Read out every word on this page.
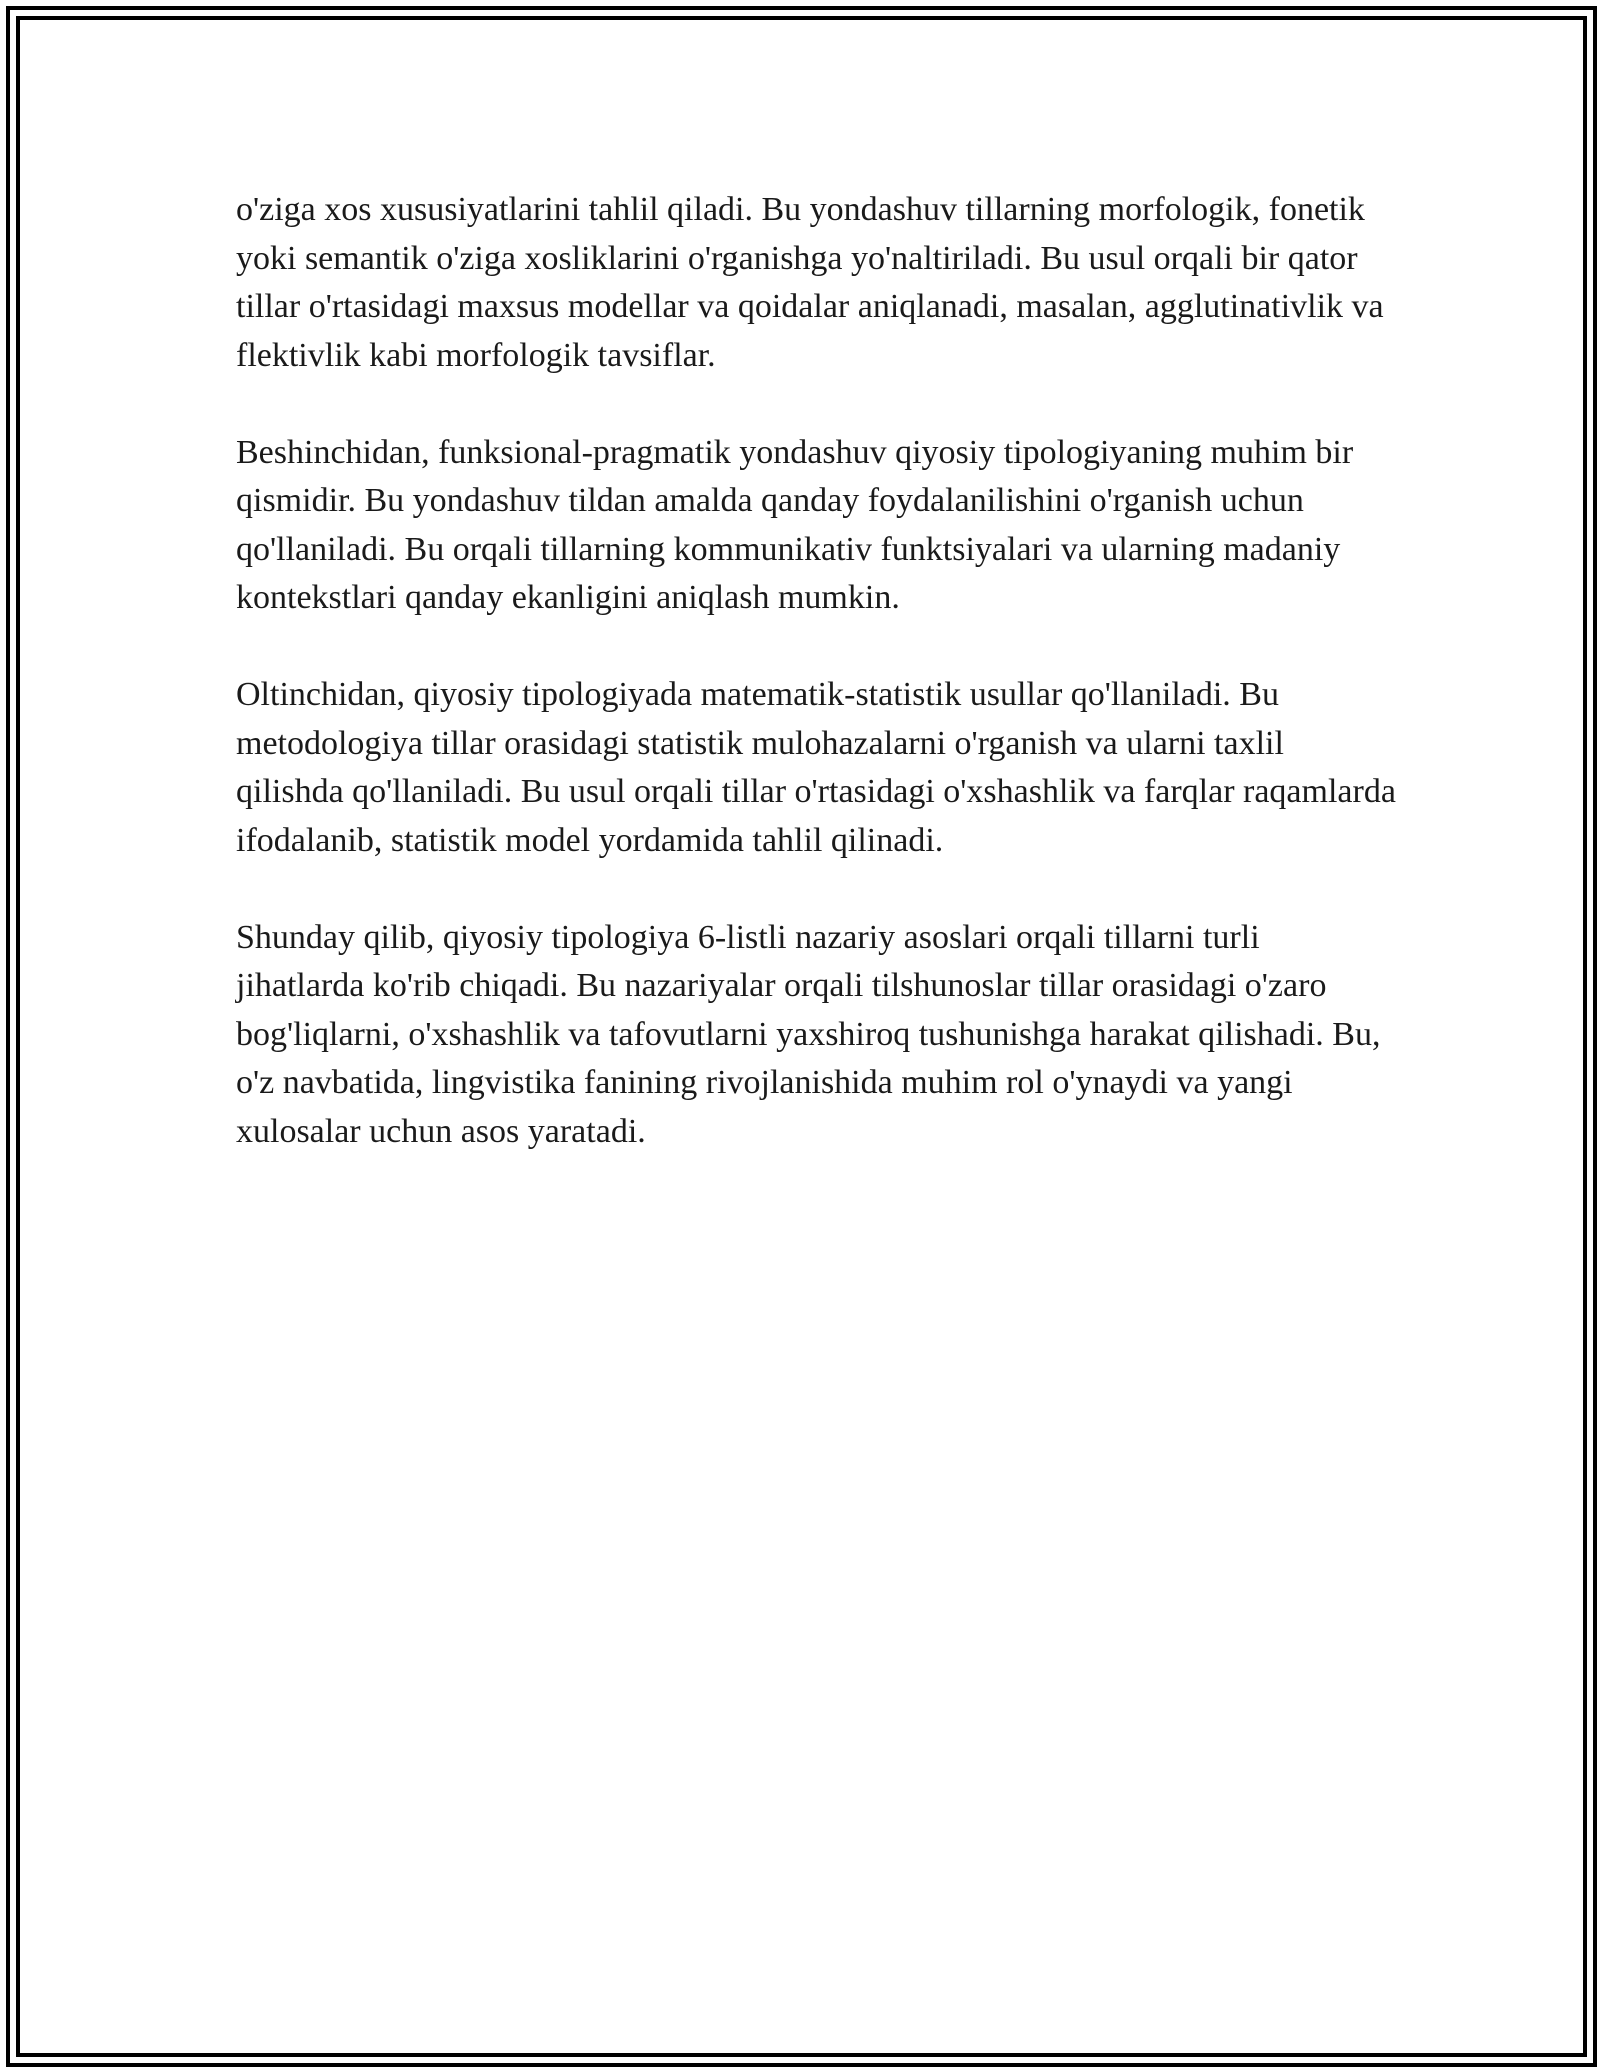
o'ziga xos xususiyatlarini tahlil qiladi. Bu yondashuv tillarning morfologik, fonetik yoki semantik o'ziga xosliklarini o'rganishga yo'naltiriladi. Bu usul orqali bir qator tillar o'rtasidagi maxsus modellar va qoidalar aniqlanadi, masalan, agglutinativlik va flektivlik kabi morfologik tavsiflar.

Beshinchidan, funksional-pragmatik yondashuv qiyosiy tipologiyaning muhim bir qismidir. Bu yondashuv tildan amalda qanday foydalanilishini o'rganish uchun qo'llaniladi. Bu orqali tillarning kommunikativ funktsiyalari va ularning madaniy kontekstlari qanday ekanligini aniqlash mumkin.

Oltinchidan, qiyosiy tipologiyada matematik-statistik usullar qo'llaniladi. Bu metodologiya tillar orasidagi statistik mulohazalarni o'rganish va ularni taxlil qilishda qo'llaniladi. Bu usul orqali tillar o'rtasidagi o'xshashlik va farqlar raqamlarda ifodalanib, statistik model yordamida tahlil qilinadi.

Shunday qilib, qiyosiy tipologiya 6-listli nazariy asoslari orqali tillarni turli jihatlarda ko'rib chiqadi. Bu nazariyalar orqali tilshunoslar tillar orasidagi o'zaro bog'liqlarni, o'xshashlik va tafovutlarni yaxshiroq tushunishga harakat qilishadi. Bu, o'z navbatida, lingvistika fanining rivojlanishida muhim rol o'ynaydi va yangi xulosalar uchun asos yaratadi.
